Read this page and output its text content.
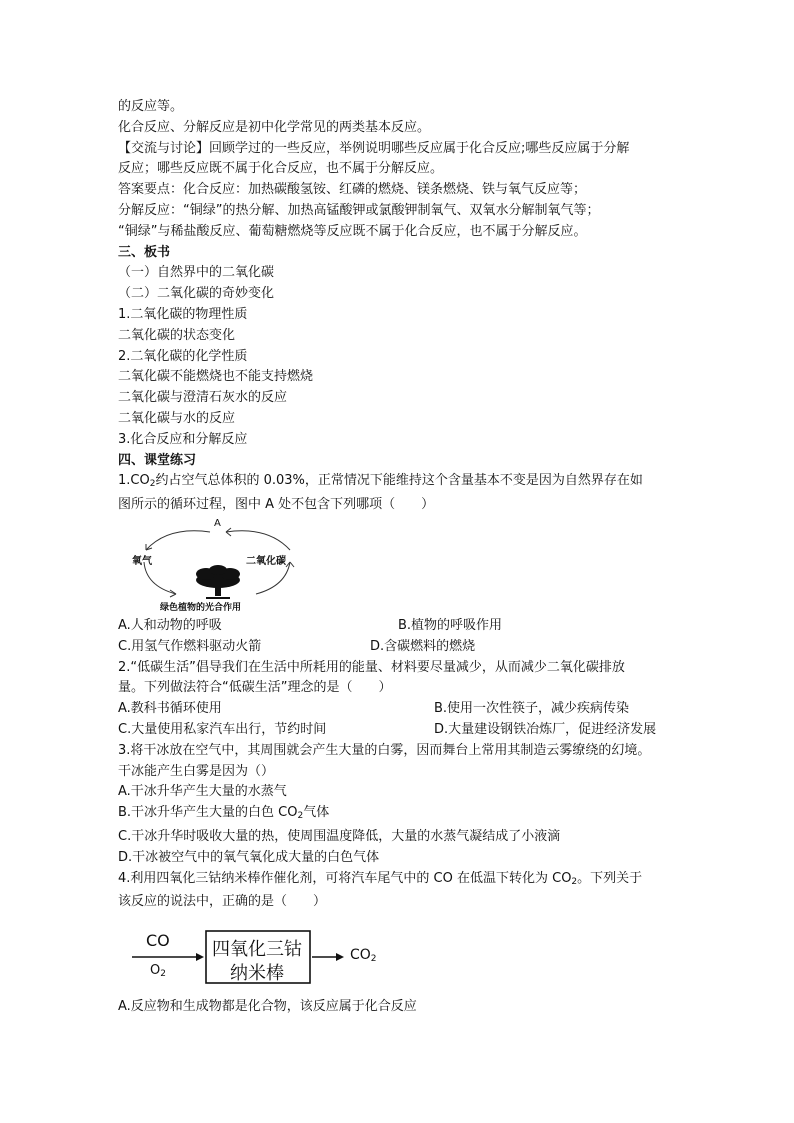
的反应等。
化合反应、分解反应是初中化学常见的两类基本反应。
【交流与讨论】回顾学过的一些反应，举例说明哪些反应属于化合反应;哪些反应属于分解
反应；哪些反应既不属于化合反应，也不属于分解反应。
答案要点：化合反应：加热碳酸氢铵、红磷的燃烧、镁条燃烧、铁与氧气反应等；
分解反应：“铜绿”的热分解、加热高锰酸钾或氯酸钾制氧气、双氧水分解制氧气等；
“铜绿”与稀盐酸反应、葡萄糖燃烧等反应既不属于化合反应，也不属于分解反应。
三、板书
（一）自然界中的二氧化碳
（二）二氧化碳的奇妙变化
1.二氧化碳的物理性质
二氧化碳的状态变化
2.二氧化碳的化学性质
二氧化碳不能燃烧也不能支持燃烧
二氧化碳与澄清石灰水的反应
二氧化碳与水的反应
3.化合反应和分解反应
四、课堂练习
1.CO2约占空气总体积的 0.03%，正常情况下能维持这个含量基本不变是因为自然界存在如
图所示的循环过程，图中 A 处不包含下列哪项（　　）
A
氧气	二氧化碳
绿色植物的光合作用
A.人和动物的呼吸	B.植物的呼吸作用
C.用氢气作燃料驱动火箭	D.含碳燃料的燃烧
2.“低碳生活”倡导我们在生活中所耗用的能量、材料要尽量减少，从而减少二氧化碳排放
量。下列做法符合“低碳生活”理念的是（　　）
A.教科书循环使用	B.使用一次性筷子，减少疾病传染
C.大量使用私家汽车出行，节约时间	D.大量建设钢铁冶炼厂，促进经济发展
3.将干冰放在空气中，其周围就会产生大量的白雾，因而舞台上常用其制造云雾缭绕的幻境。
干冰能产生白雾是因为（）
A.干冰升华产生大量的水蒸气
B.干冰升华产生大量的白色 CO2气体
C.干冰升华时吸收大量的热，使周围温度降低，大量的水蒸气凝结成了小液滴
D.干冰被空气中的氧气氧化成大量的白色气体
4.利用四氧化三钴纳米棒作催化剂，可将汽车尾气中的 CO 在低温下转化为 CO2。下列关于
该反应的说法中，正确的是（　　）
CO
O2
四氧化三钴
纳米棒
CO2
A.反应物和生成物都是化合物，该反应属于化合反应
